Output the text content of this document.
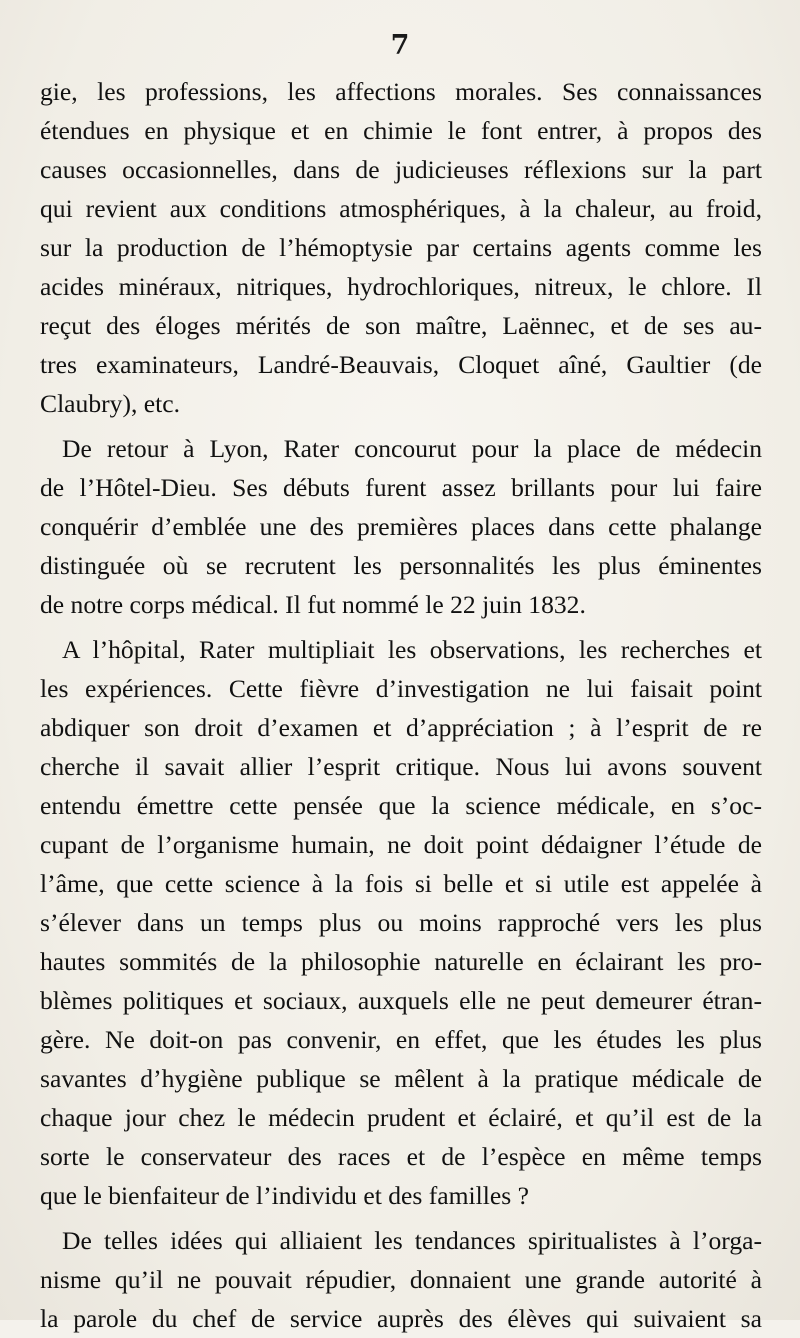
7
gie, les professions, les affections morales. Ses connaissances
étendues en physique et en chimie le font entrer, à propos des
causes occasionnelles, dans de judicieuses réflexions sur la part
qui revient aux conditions atmosphériques, à la chaleur, au froid,
sur la production de l’hémoptysie par certains agents comme les
acides minéraux, nitriques, hydrochloriques, nitreux, le chlore. Il
reçut des éloges mérités de son maître, Laënnec, et de ses au-
tres examinateurs, Landré-Beauvais, Cloquet aîné, Gaultier (de
Claubry), etc.
De retour à Lyon, Rater concourut pour la place de médecin
de l’Hôtel-Dieu. Ses débuts furent assez brillants pour lui faire
conquérir d’emblée une des premières places dans cette phalange
distinguée où se recrutent les personnalités les plus éminentes
de notre corps médical. Il fut nommé le 22 juin 1832.
A l’hôpital, Rater multipliait les observations, les recherches et
les expériences. Cette fièvre d’investigation ne lui faisait point
abdiquer son droit d’examen et d’appréciation ; à l’esprit de re
cherche il savait allier l’esprit critique. Nous lui avons souvent
entendu émettre cette pensée que la science médicale, en s’oc-
cupant de l’organisme humain, ne doit point dédaigner l’étude de
l’âme, que cette science à la fois si belle et si utile est appelée à
s’élever dans un temps plus ou moins rapproché vers les plus
hautes sommités de la philosophie naturelle en éclairant les pro-
blèmes politiques et sociaux, auxquels elle ne peut demeurer étran-
gère. Ne doit-on pas convenir, en effet, que les études les plus
savantes d’hygiène publique se mêlent à la pratique médicale de
chaque jour chez le médecin prudent et éclairé, et qu’il est de la
sorte le conservateur des races et de l’espèce en même temps
que le bienfaiteur de l’individu et des familles ?
De telles idées qui alliaient les tendances spiritualistes à l’orga-
nisme qu’il ne pouvait répudier, donnaient une grande autorité à
la parole du chef de service auprès des élèves qui suivaient sa
